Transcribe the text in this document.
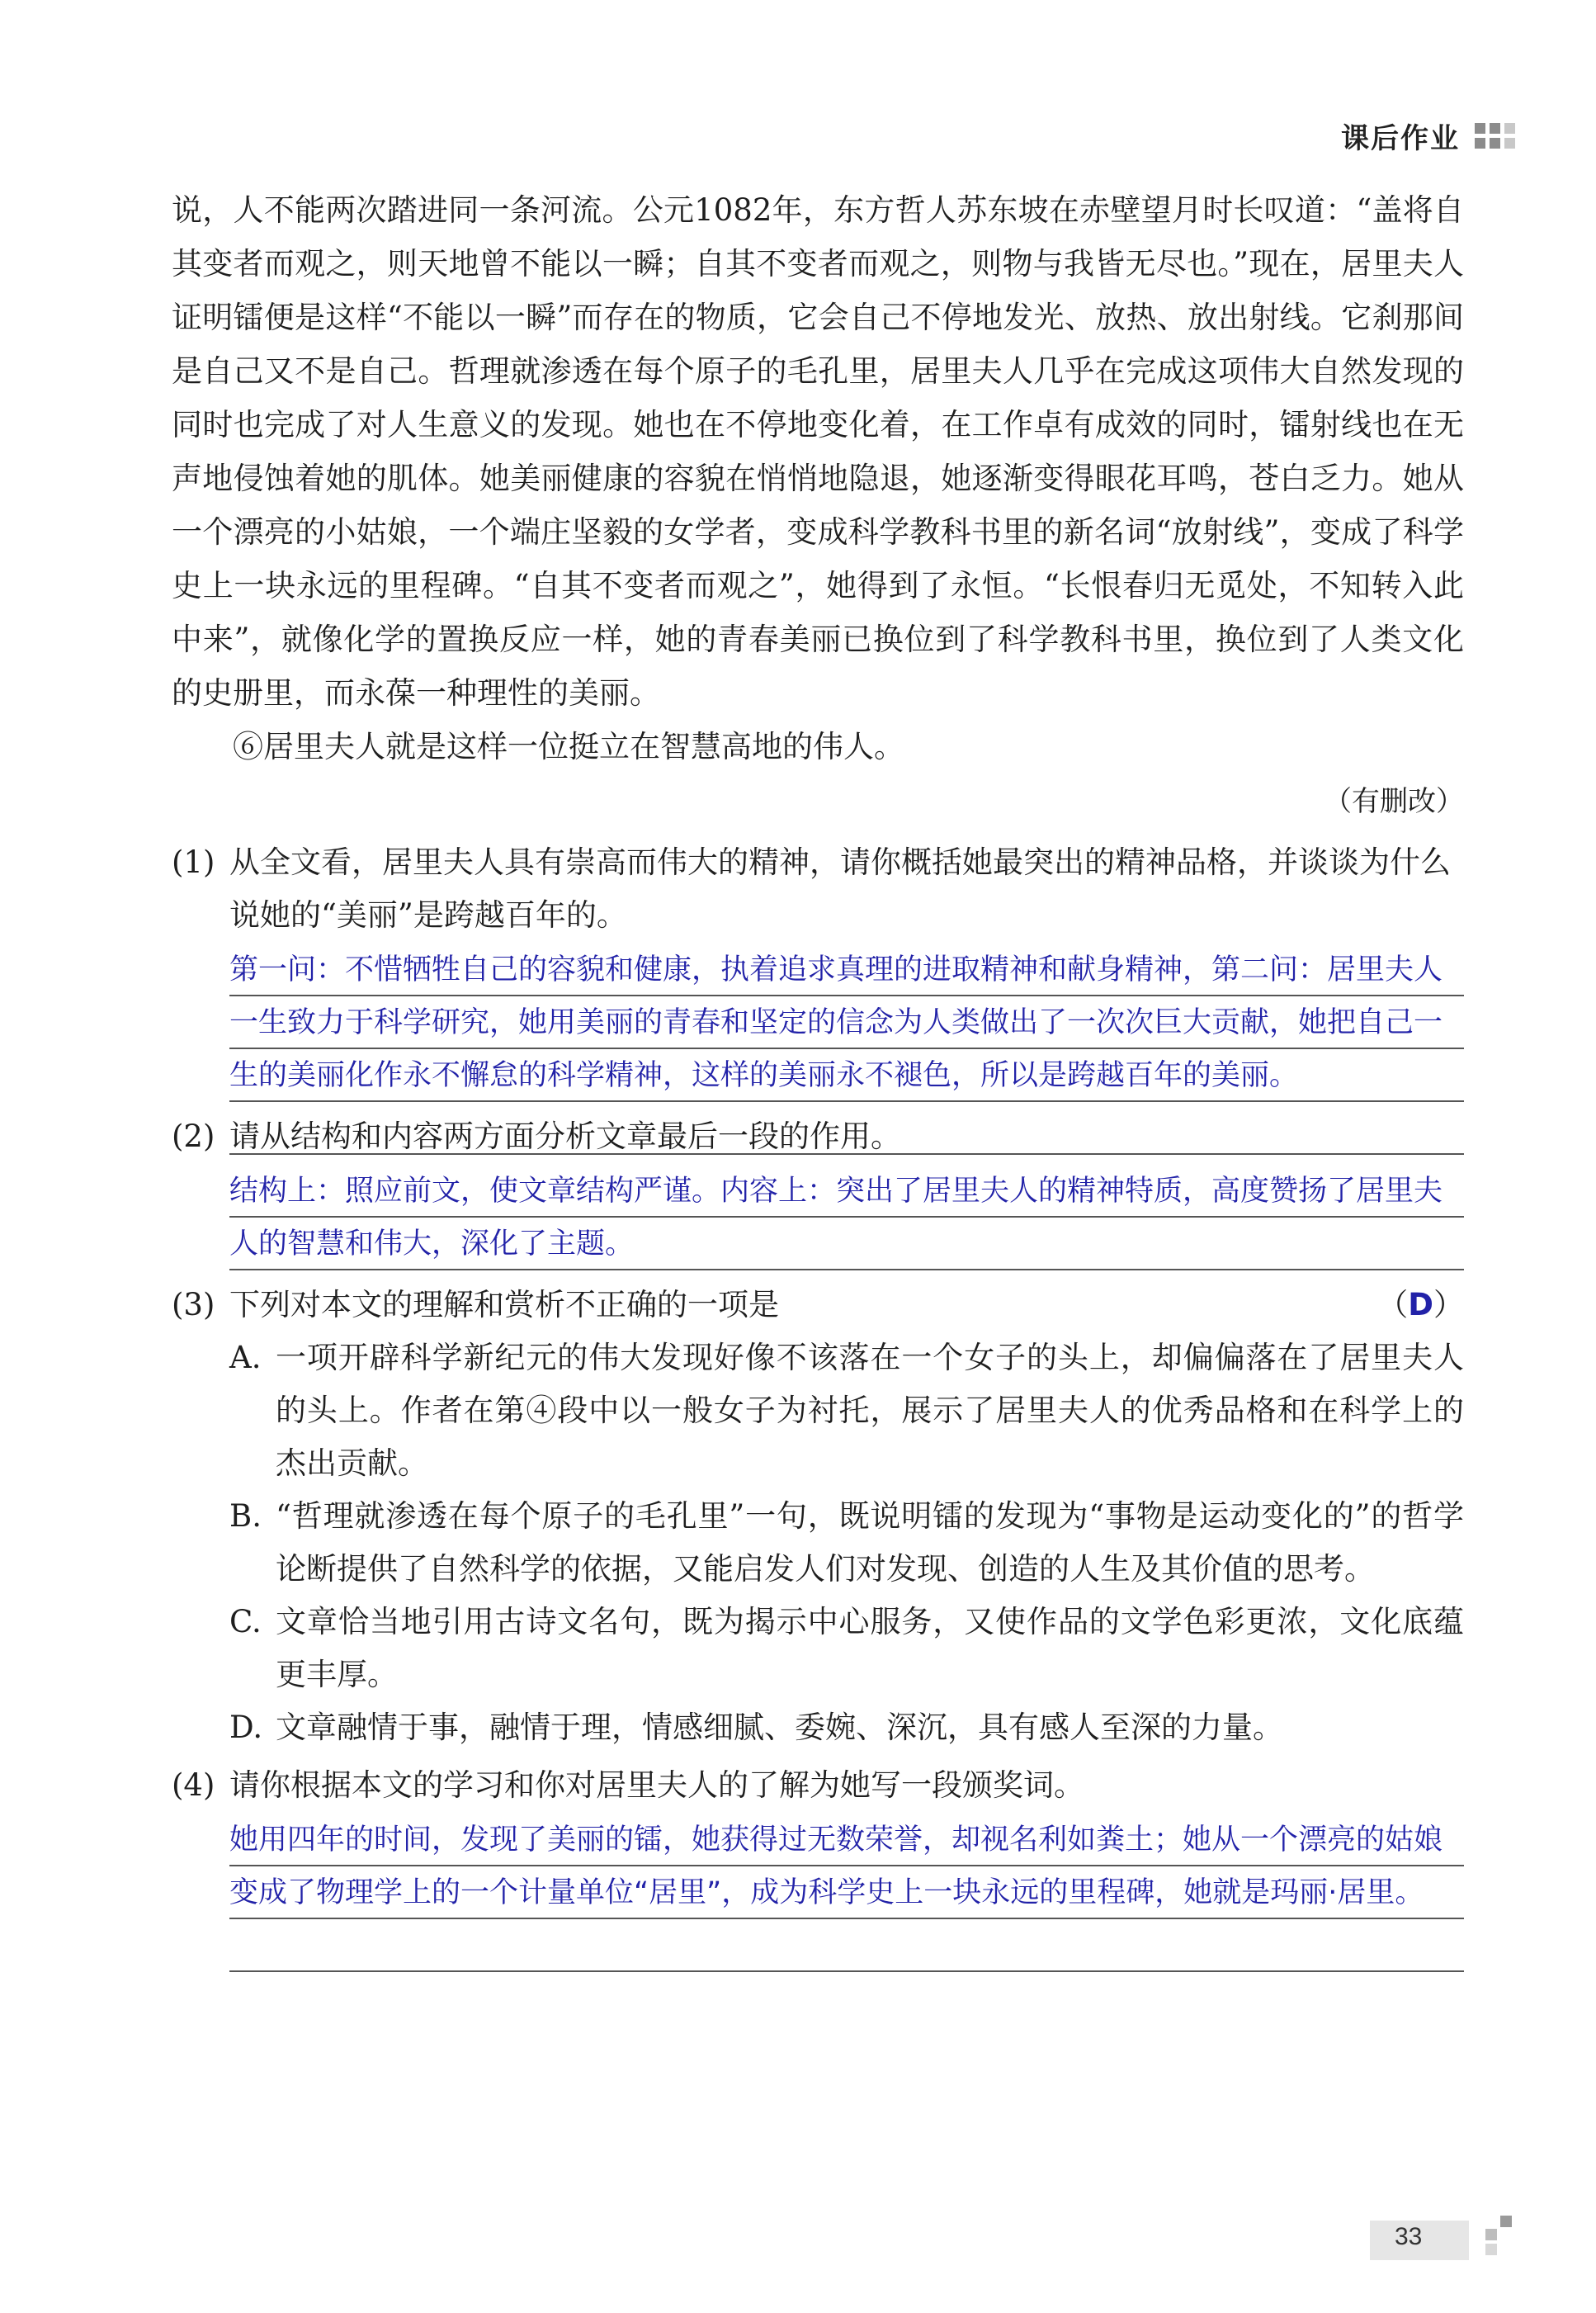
课后作业

说，人不能两次踏进同一条河流。公元1082年，东方哲人苏东坡在赤壁望月时长叹道：“盖将自其变者而观之，则天地曾不能以一瞬；自其不变者而观之，则物与我皆无尽也。”现在，居里夫人证明镭便是这样“不能以一瞬”而存在的物质，它会自己不停地发光、放热、放出射线。它刹那间是自己又不是自己。哲理就渗透在每个原子的毛孔里，居里夫人几乎在完成这项伟大自然发现的同时也完成了对人生意义的发现。她也在不停地变化着，在工作卓有成效的同时，镭射线也在无声地侵蚀着她的肌体。她美丽健康的容貌在悄悄地隐退，她逐渐变得眼花耳鸣，苍白乏力。她从一个漂亮的小姑娘，一个端庄坚毅的女学者，变成科学教科书里的新名词“放射线”，变成了科学史上一块永远的里程碑。“自其不变者而观之”，她得到了永恒。“长恨春归无觅处，不知转入此中来”，就像化学的置换反应一样，她的青春美丽已换位到了科学教科书里，换位到了人类文化的史册里，而永葆一种理性的美丽。

⑥居里夫人就是这样一位挺立在智慧高地的伟人。

（有删改）
(1) 从全文看，居里夫人具有崇高而伟大的精神，请你概括她最突出的精神品格，并谈谈为什么说她的“美丽”是跨越百年的。
第一问：不惜牺牲自己的容貌和健康，执着追求真理的进取精神和献身精神，第二问：居里夫人一生致力于科学研究，她用美丽的青春和坚定的信念为人类做出了一次次巨大贡献，她把自己一生的美丽化作永不懈怠的科学精神，这样的美丽永不褪色，所以是跨越百年的美丽。
(2) 请从结构和内容两方面分析文章最后一段的作用。
结构上：照应前文，使文章结构严谨。内容上：突出了居里夫人的精神特质，高度赞扬了居里夫人的智慧和伟大，深化了主题。
(3) 下列对本文的理解和赏析不正确的一项是	（D）
A. 一项开辟科学新纪元的伟大发现好像不该落在一个女子的头上，却偏偏落在了居里夫人的头上。作者在第④段中以一般女子为衬托，展示了居里夫人的优秀品格和在科学上的杰出贡献。
B. “哲理就渗透在每个原子的毛孔里”一句，既说明镭的发现为“事物是运动变化的”的哲学论断提供了自然科学的依据，又能启发人们对发现、创造的人生及其价值的思考。
C. 文章恰当地引用古诗文名句，既为揭示中心服务，又使作品的文学色彩更浓，文化底蕴更丰厚。
D. 文章融情于事，融情于理，情感细腻、委婉、深沉，具有感人至深的力量。
(4) 请你根据本文的学习和你对居里夫人的了解为她写一段颁奖词。
她用四年的时间，发现了美丽的镭，她获得过无数荣誉，却视名利如粪土；她从一个漂亮的姑娘变成了物理学上的一个计量单位“居里”，成为科学史上一块永远的里程碑，她就是玛丽·居里。
33
